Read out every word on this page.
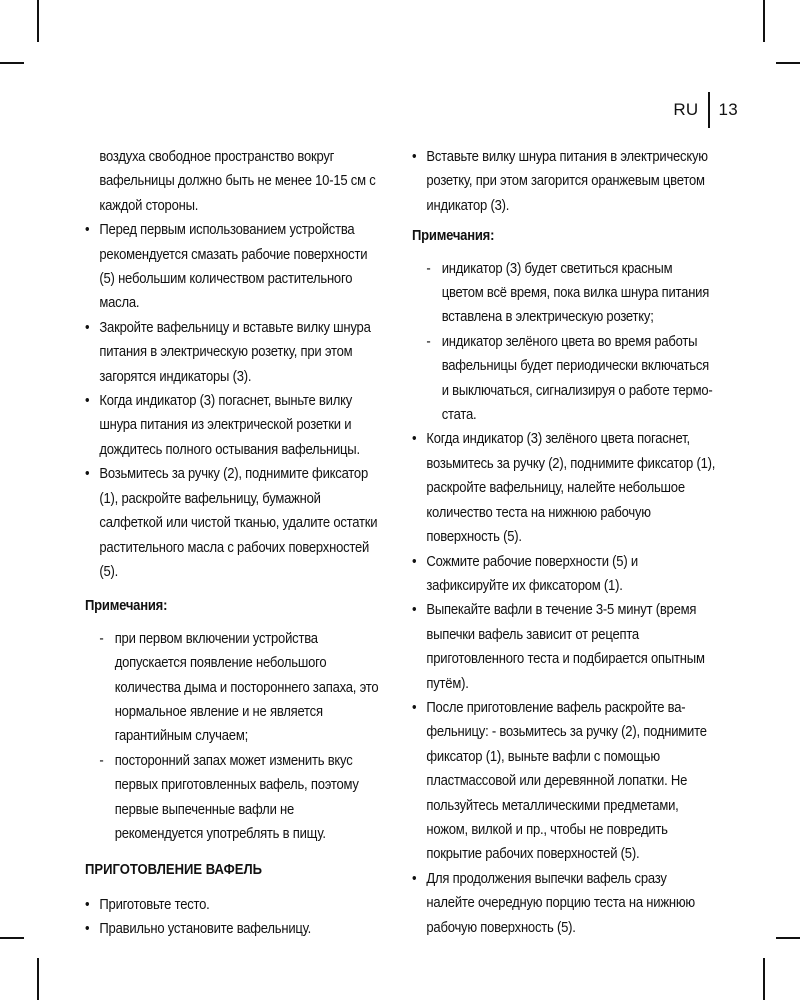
RU 13
воздуха свободное пространство вокруг вафельницы должно быть не менее 10-15 см с каждой стороны.
• Перед первым использованием устройства рекомендуется смазать рабочие поверхности (5) небольшим количеством растительного масла.
• Закройте вафельницу и вставьте вилку шнура питания в электрическую розетку, при этом загорятся индикаторы (3).
• Когда индикатор (3) погаснет, выньте вилку шнура питания из электрической розетки и дождитесь полного остывания вафельницы.
• Возьмитесь за ручку (2), поднимите фиксатор (1), раскройте вафельницу, бумажной салфеткой или чистой тканью, удалите остатки растительного масла с рабочих поверхностей (5).
Примечания:
- при первом включении устройства допускается появление небольшого количества дыма и постороннего запаха, это нормальное явление и не является гарантийным случаем;
- посторонний запах может изменить вкус первых приготовленных вафель, поэтому первые выпеченные вафли не рекомендуется употреблять в пищу.
ПРИГОТОВЛЕНИЕ ВАФЕЛЬ
• Приготовьте тесто.
• Правильно установите вафельницу.
• Вставьте вилку шнура питания в электрическую розетку, при этом загорится оранжевым цветом индикатор (3).
Примечания:
- индикатор (3) будет светиться красным цветом всё время, пока вилка шнура питания вставлена в электрическую розетку;
- индикатор зелёного цвета во время работы вафельницы будет периодически включаться и выключаться, сигнализируя о работе термостата.
• Когда индикатор (3) зелёного цвета погаснет, возьмитесь за ручку (2), поднимите фиксатор (1), раскройте вафельницу, налейте небольшое количество теста на нижнюю рабочую поверхность (5).
• Сожмите рабочие поверхности (5) и зафиксируйте их фиксатором (1).
• Выпекайте вафли в течение 3-5 минут (время выпечки вафель зависит от рецепта приготовленного теста и подбирается опытным путём).
• После приготовление вафель раскройте вафельницу: - возьмитесь за ручку (2), поднимите фиксатор (1), выньте вафли с помощью пластмассовой или деревянной лопатки. Не пользуйтесь металлическими предметами, ножом, вилкой и пр., чтобы не повредить покрытие рабочих поверхностей (5).
• Для продолжения выпечки вафель сразу налейте очередную порцию теста на нижнюю рабочую поверхность (5).
